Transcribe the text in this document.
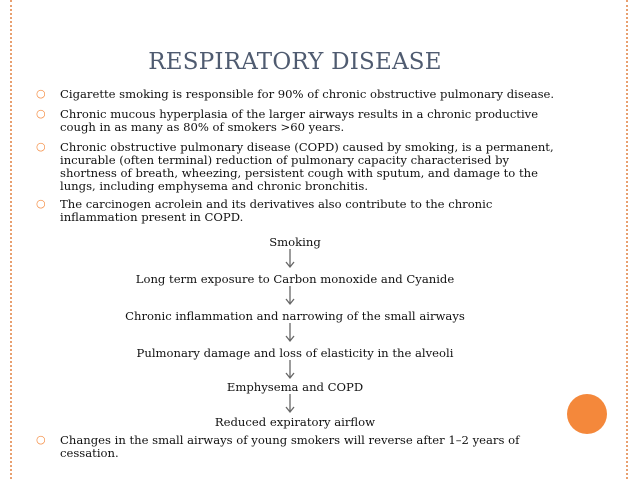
RESPIRATORY DISEASE
○ Cigarette smoking is responsible for 90% of chronic obstructive pulmonary disease.
○ Chronic mucous hyperplasia of the larger airways results in a chronic productive cough in as many as 80% of smokers >60 years.
○ Chronic obstructive pulmonary disease (COPD) caused by smoking, is a permanent, incurable (often terminal) reduction of pulmonary capacity characterised by shortness of breath, wheezing, persistent cough with sputum, and damage to the lungs, including emphysema and chronic bronchitis.
○ The carcinogen acrolein and its derivatives also contribute to the chronic inflammation present in COPD.
Smoking
Long term exposure to Carbon monoxide and Cyanide
Chronic inflammation and narrowing of the small airways
Pulmonary damage and loss of elasticity in the alveoli
Emphysema and COPD
Reduced expiratory airflow
○ Changes in the small airways of young smokers will reverse after 1–2 years of cessation.
